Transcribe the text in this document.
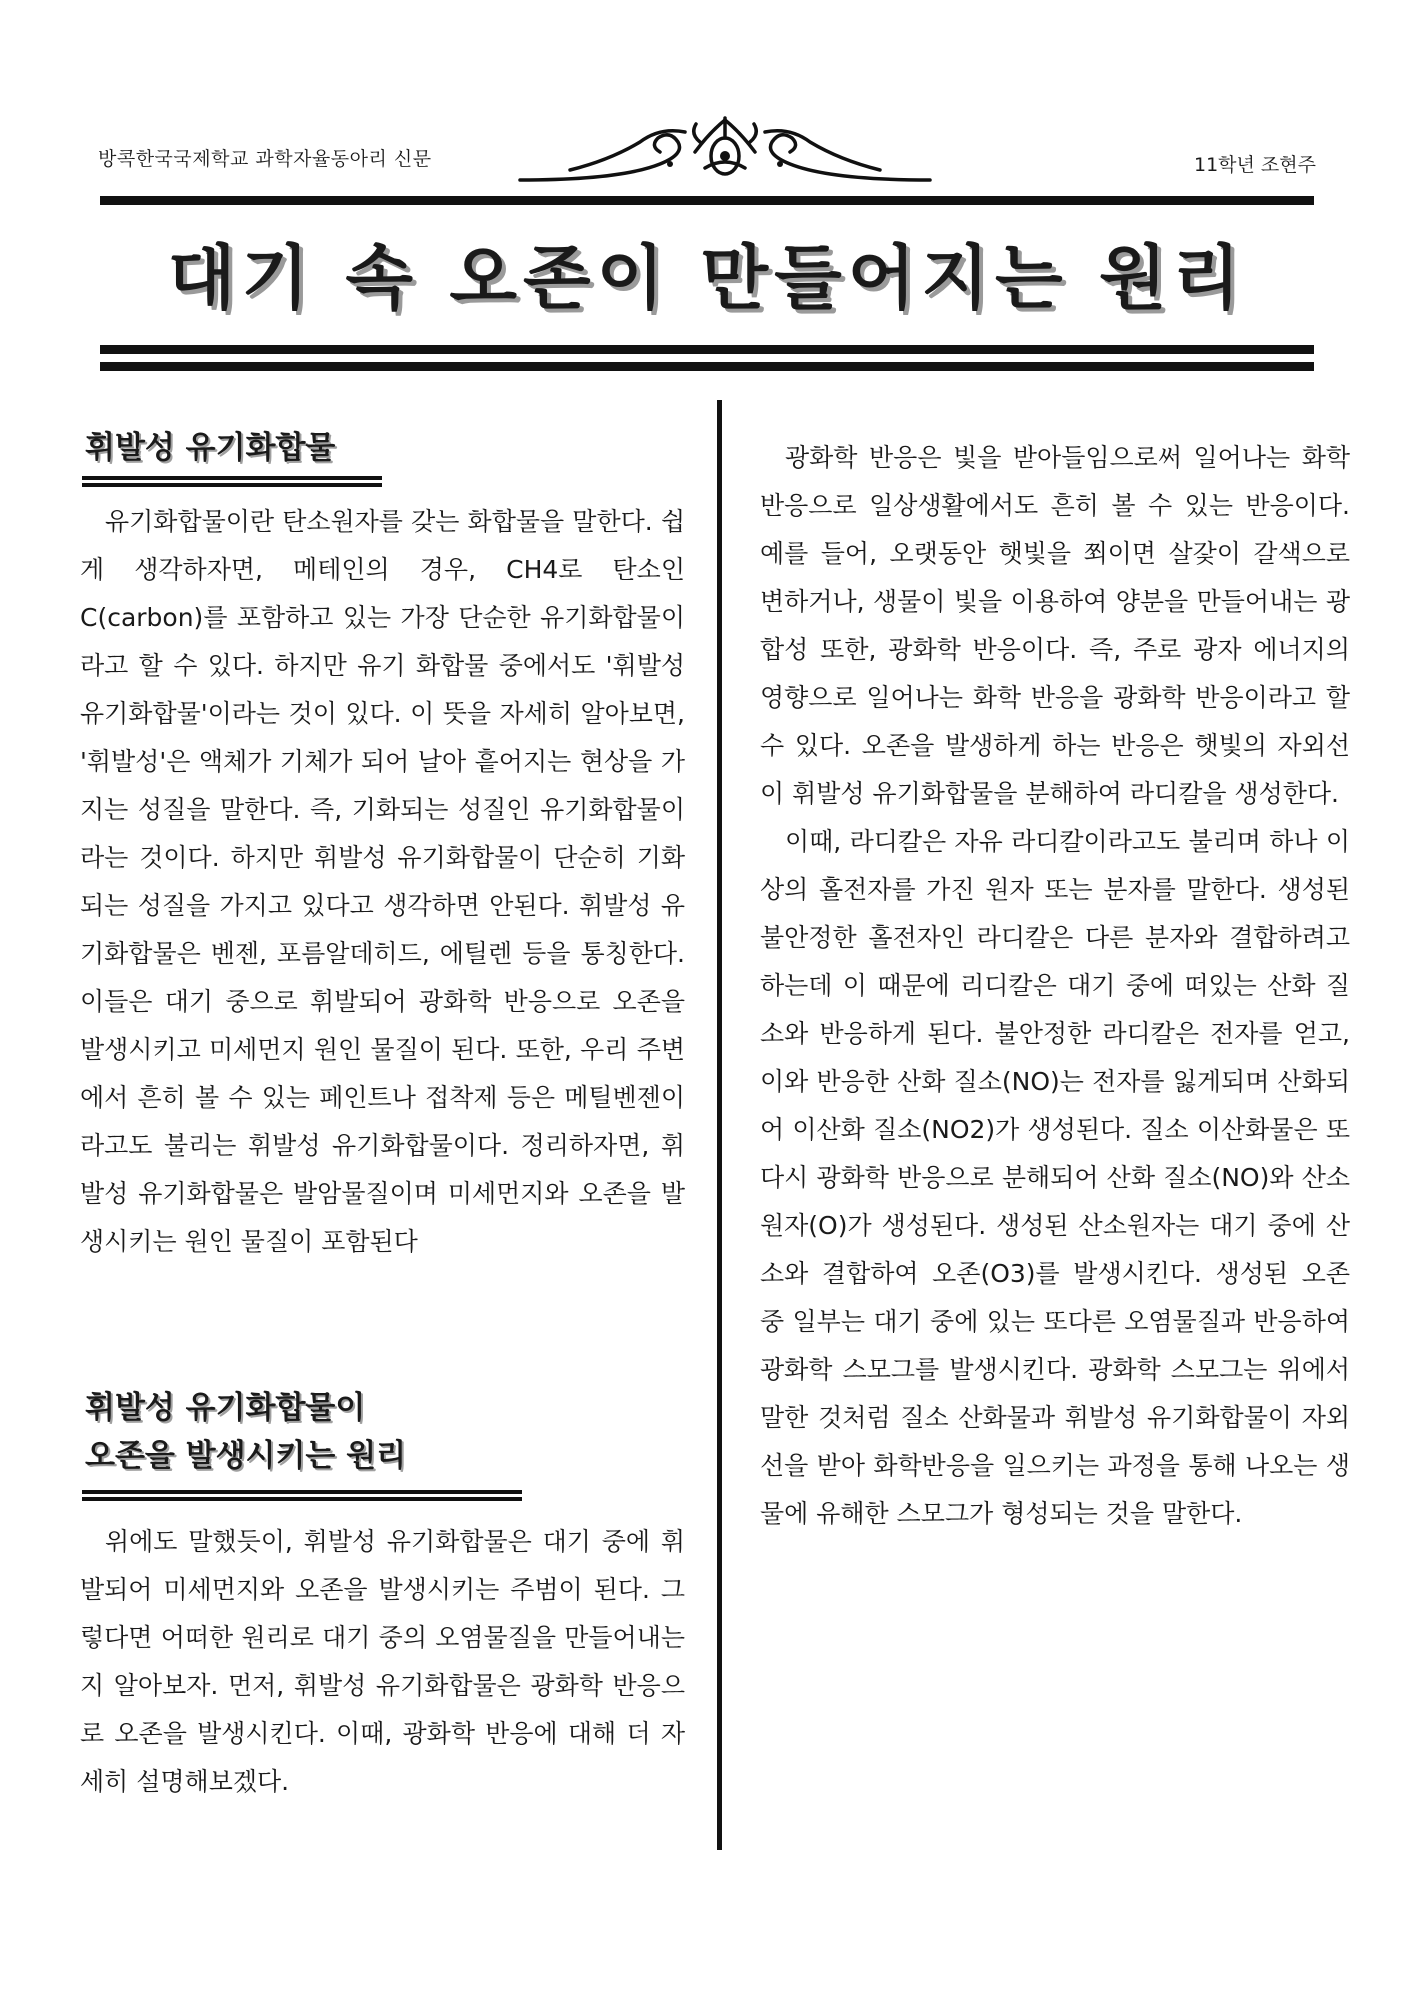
방콕한국국제학교 과학자율동아리 신문	11학년 조현주
대기 속 오존이 만들어지는 원리
휘발성 유기화합물

유기화합물이란 탄소원자를 갖는 화합물을 말한다. 쉽게 생각하자면, 메테인의 경우, CH4로 탄소인 C(carbon)를 포함하고 있는 가장 단순한 유기화합물이라고 할 수 있다. 하지만 유기 화합물 중에서도 '휘발성 유기화합물'이라는 것이 있다. 이 뜻을 자세히 알아보면, '휘발성'은 액체가 기체가 되어 날아 흩어지는 현상을 가지는 성질을 말한다. 즉, 기화되는 성질인 유기화합물이라는 것이다. 하지만 휘발성 유기화합물이 단순히 기화되는 성질을 가지고 있다고 생각하면 안된다. 휘발성 유기화합물은 벤젠, 포름알데히드, 에틸렌 등을 통칭한다. 이들은 대기 중으로 휘발되어 광화학 반응으로 오존을 발생시키고 미세먼지 원인 물질이 된다. 또한, 우리 주변에서 흔히 볼 수 있는 페인트나 접착제 등은 메틸벤젠이라고도 불리는 휘발성 유기화합물이다. 정리하자면, 휘발성 유기화합물은 발암물질이며 미세먼지와 오존을 발생시키는 원인 물질이 포함된다

휘발성 유기화합물이
오존을 발생시키는 원리

위에도 말했듯이, 휘발성 유기화합물은 대기 중에 휘발되어 미세먼지와 오존을 발생시키는 주범이 된다. 그렇다면 어떠한 원리로 대기 중의 오염물질을 만들어내는지 알아보자. 먼저, 휘발성 유기화합물은 광화학 반응으로 오존을 발생시킨다. 이때, 광화학 반응에 대해 더 자세히 설명해보겠다.

광화학 반응은 빛을 받아들임으로써 일어나는 화학 반응으로 일상생활에서도 흔히 볼 수 있는 반응이다. 예를 들어, 오랫동안 햇빛을 쬐이면 살갗이 갈색으로 변하거나, 생물이 빛을 이용하여 양분을 만들어내는 광합성 또한, 광화학 반응이다. 즉, 주로 광자 에너지의 영향으로 일어나는 화학 반응을 광화학 반응이라고 할 수 있다. 오존을 발생하게 하는 반응은 햇빛의 자외선이 휘발성 유기화합물을 분해하여 라디칼을 생성한다.

이때, 라디칼은 자유 라디칼이라고도 불리며 하나 이상의 홀전자를 가진 원자 또는 분자를 말한다. 생성된 불안정한 홀전자인 라디칼은 다른 분자와 결합하려고 하는데 이 때문에 리디칼은 대기 중에 떠있는 산화 질소와 반응하게 된다. 불안정한 라디칼은 전자를 얻고, 이와 반응한 산화 질소(NO)는 전자를 잃게되며 산화되어 이산화 질소(NO2)가 생성된다. 질소 이산화물은 또다시 광화학 반응으로 분해되어 산화 질소(NO)와 산소원자(O)가 생성된다. 생성된 산소원자는 대기 중에 산소와 결합하여 오존(O3)를 발생시킨다. 생성된 오존 중 일부는 대기 중에 있는 또다른 오염물질과 반응하여 광화학 스모그를 발생시킨다. 광화학 스모그는 위에서 말한 것처럼 질소 산화물과 휘발성 유기화합물이 자외선을 받아 화학반응을 일으키는 과정을 통해 나오는 생물에 유해한 스모그가 형성되는 것을 말한다.
